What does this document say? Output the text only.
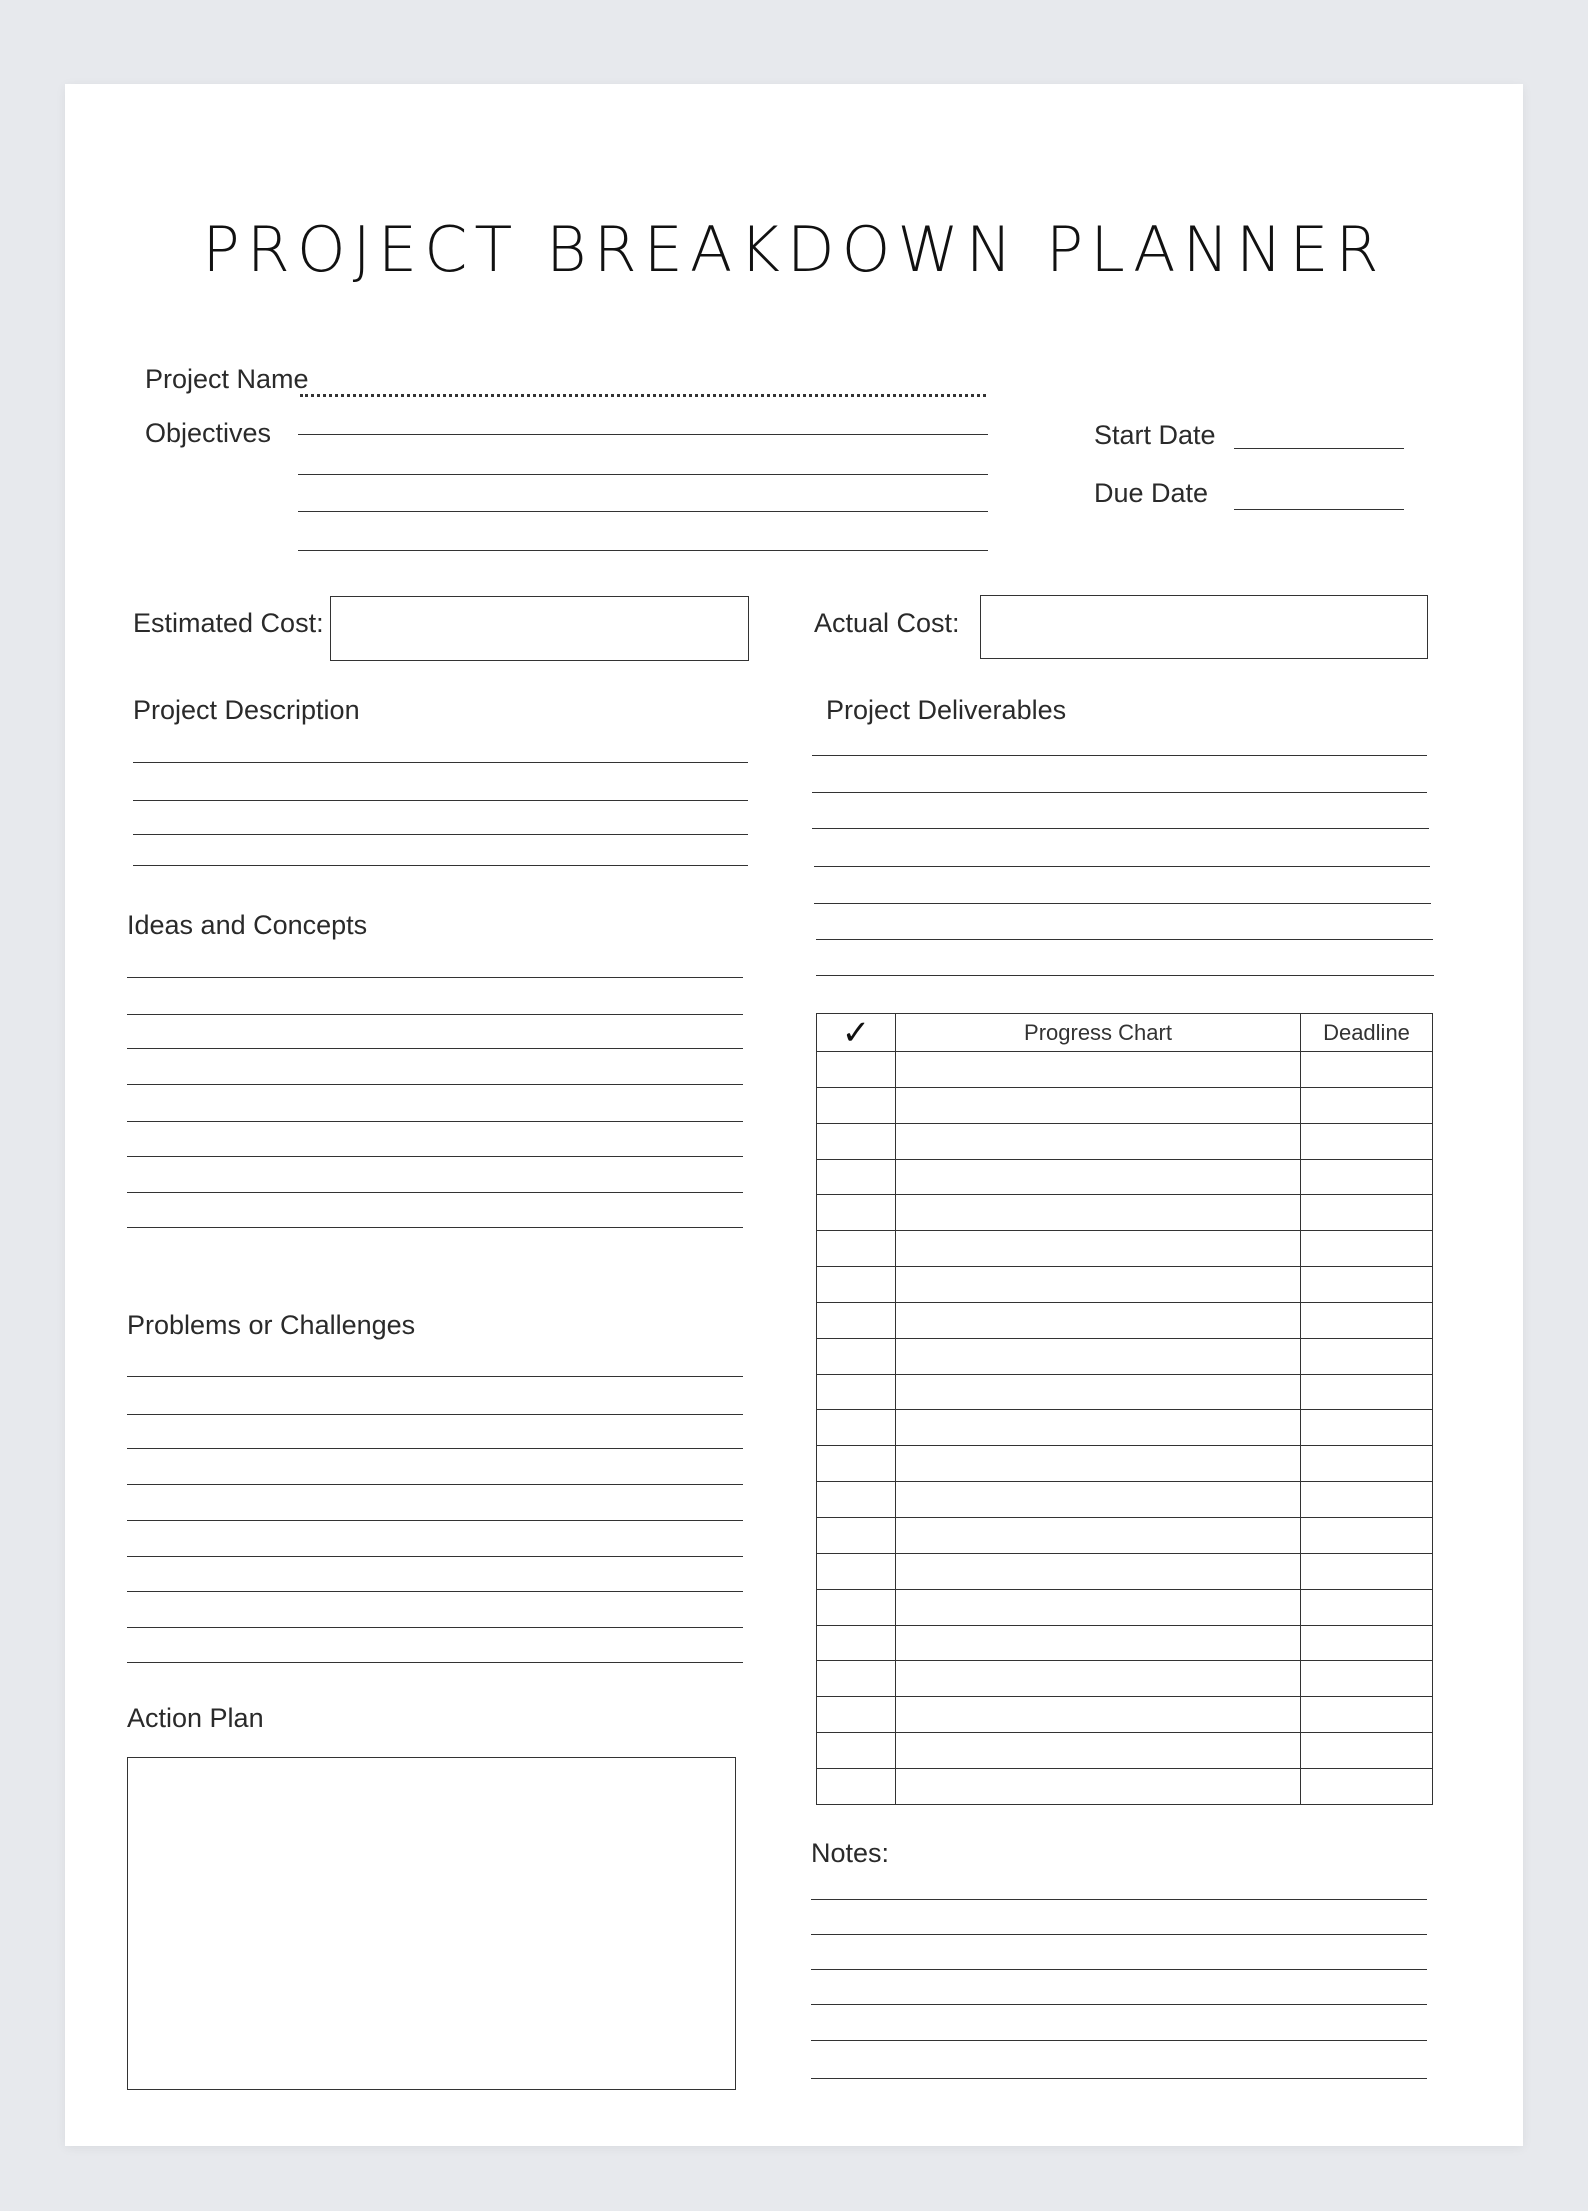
PROJECT BREAKDOWN PLANNER
Project Name
Objectives	Start Date
Due Date
Estimated Cost:	Actual Cost:
Project Description	Project Deliverables
Ideas and Concepts
Problems or Challenges
Action Plan
✓	Progress Chart	Deadline

Notes:
